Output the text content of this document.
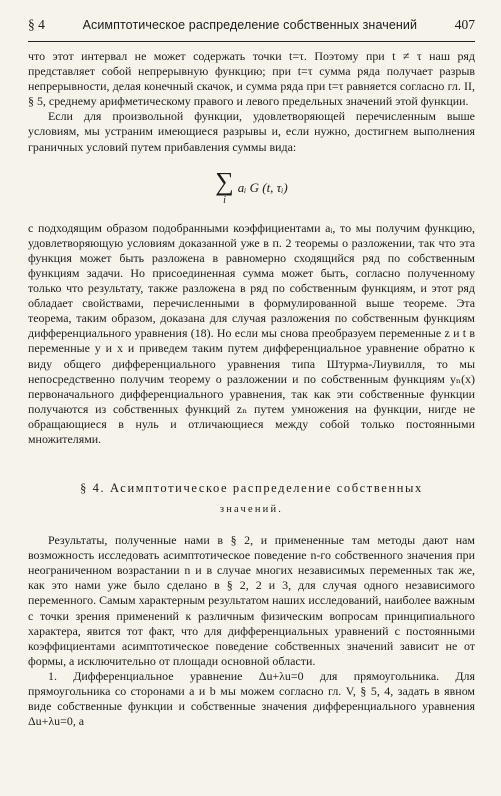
§ 4	Асимптотическое распределение собственных значений	407

что этот интервал не может содержать точки t=τ. Поэтому при t ≠ τ наш ряд представляет собой непрерывную функцию; при t=τ сумма ряда получает разрыв непрерывности, делая конечный скачок, и сумма ряда при t=τ равняется согласно гл. II, § 5, среднему арифметическому правого и левого предельных значений этой функции.

Если для произвольной функции, удовлетворяющей перечисленным выше условиям, мы устраним имеющиеся разрывы и, если нужно, достигнем выполнения граничных условий путем прибавления суммы вида:

∑
i
aᵢ G (t, τᵢ)

с подходящим образом подобранными коэффициентами aᵢ, то мы получим функцию, удовлетворяющую условиям доказанной уже в п. 2 теоремы о разложении, так что эта функция может быть разложена в равномерно сходящийся ряд по собственным функциям задачи. Но присоединенная сумма может быть, согласно полученному только что результату, также разложена в ряд по собственным функциям, и этот ряд обладает свойствами, перечисленными в формулированной выше теореме. Эта теорема, таким образом, доказана для случая разложения по собственным функциям дифференциального уравнения (18). Но если мы снова преобразуем переменные z и t в переменные y и x и приведем таким путем дифференциальное уравнение обратно к виду общего дифференциального уравнения типа Штурма-Лиувилля, то мы непосредственно получим теорему о разложении и по собственным функциям yₙ(x) первоначального дифференциального уравнения, так как эти собственные функции получаются из собственных функций zₙ путем умножения на функции, нигде не обращающиеся в нуль и отличающиеся между собой только постоянными множителями.

§ 4. Асимптотическое распределение собственных
значений.

Результаты, полученные нами в § 2, и примененные там методы дают нам возможность исследовать асимптотическое поведение n-го собственного значения при неограниченном возрастании n и в случае многих независимых переменных так же, как это нами уже было сделано в § 2, 2 и 3, для случая одного независимого переменного. Самым характерным результатом наших исследований, наиболее важным с точки зрения применений к различным физическим вопросам принципиального характера, явится тот факт, что для дифференциальных уравнений с постоянными коэффициентами асимптотическое поведение собственных значений зависит не от формы, а исключительно от площади основной области.

1. Дифференциальное уравнение Δu+λu=0 для прямоугольника. Для прямоугольника со сторонами a и b мы можем согласно гл. V, § 5, 4, задать в явном виде собственные функции и собственные значения дифференциального уравнения Δu+λu=0, а
